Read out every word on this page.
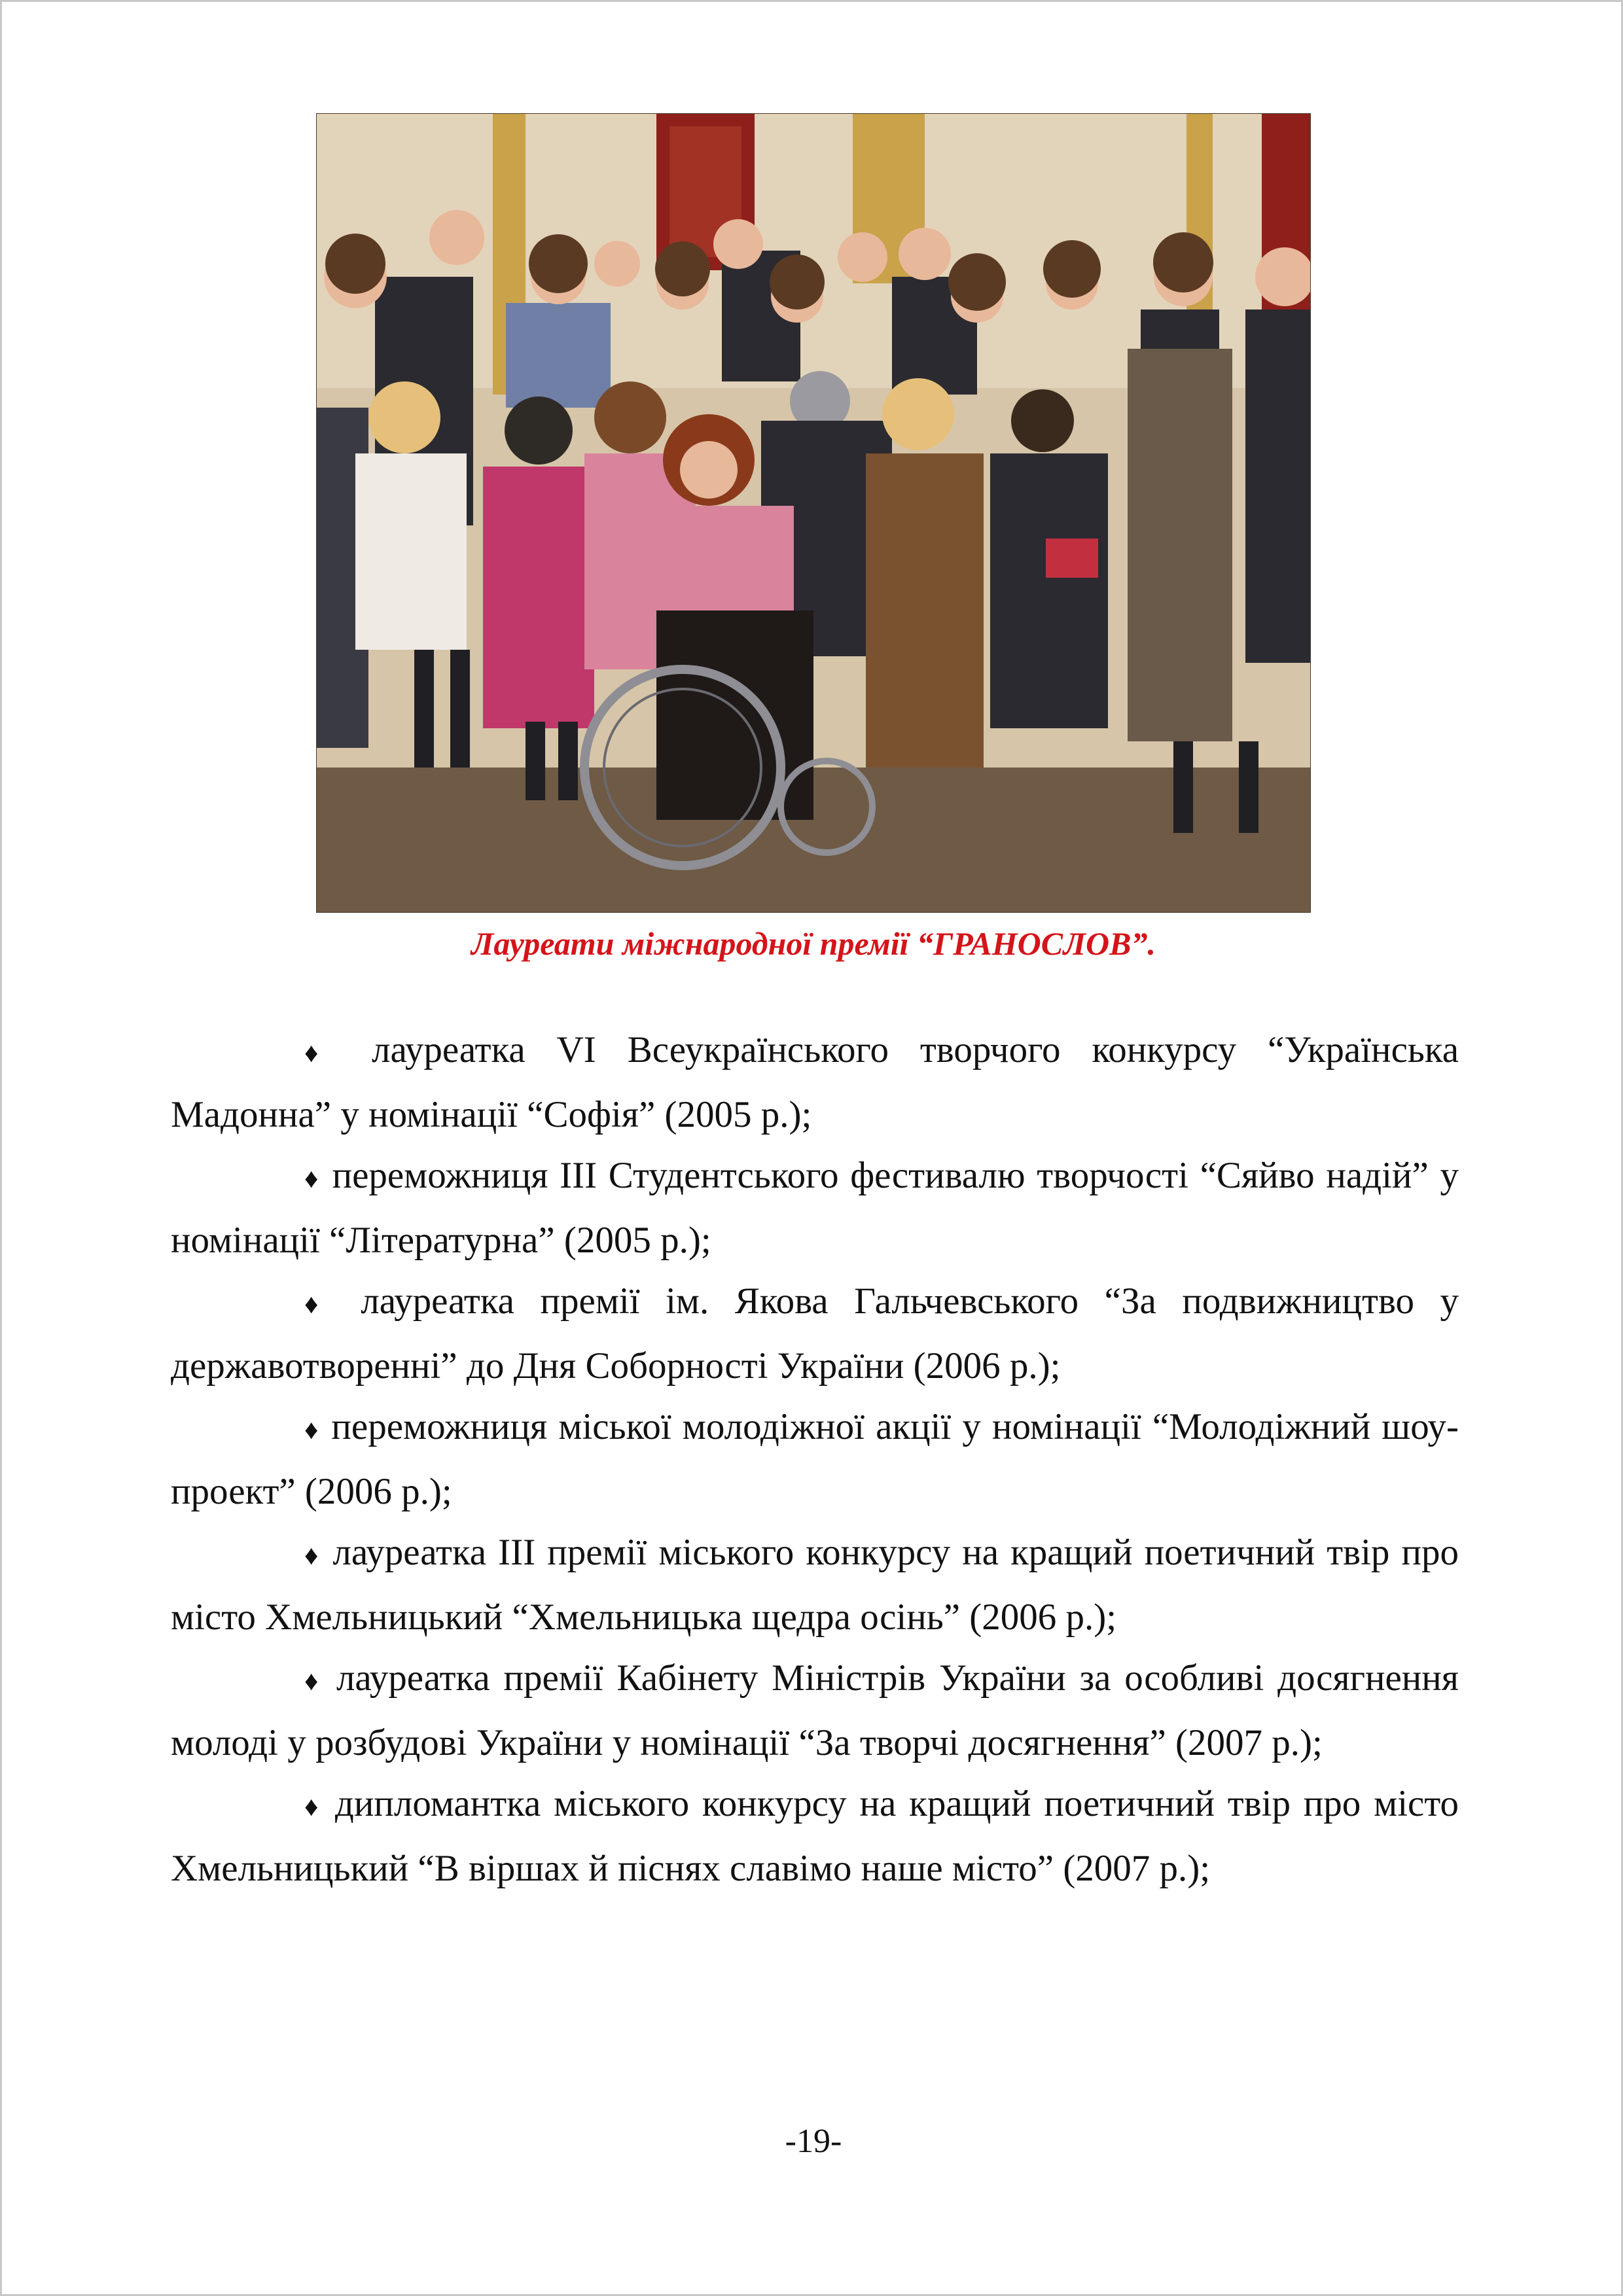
Лауреати міжнародної премії “ГРАНОСЛОВ”.

♦ лауреатка VI Всеукраїнського творчого конкурсу “Українська Мадонна” у номінації “Софія” (2005 р.);

♦ переможниця III Студентського фестивалю творчості “Сяйво надій” у номінації “Літературна” (2005 р.);

♦ лауреатка премії ім. Якова Гальчевського “За подвижництво у державотворенні” до Дня Соборності України (2006 р.);

♦ переможниця міської молодіжної акції у номінації “Молодіжний шоу-проект” (2006 р.);

♦ лауреатка III премії міського конкурсу на кращий поетичний твір про місто Хмельницький “Хмельницька щедра осінь” (2006 р.);

♦ лауреатка премії Кабінету Міністрів України за особливі досягнення молоді у розбудові України у номінації “За творчі досягнення” (2007 р.);

♦ дипломантка міського конкурсу на кращий поетичний твір про місто Хмельницький “В віршах й піснях славімо наше місто” (2007 р.);

-19-
